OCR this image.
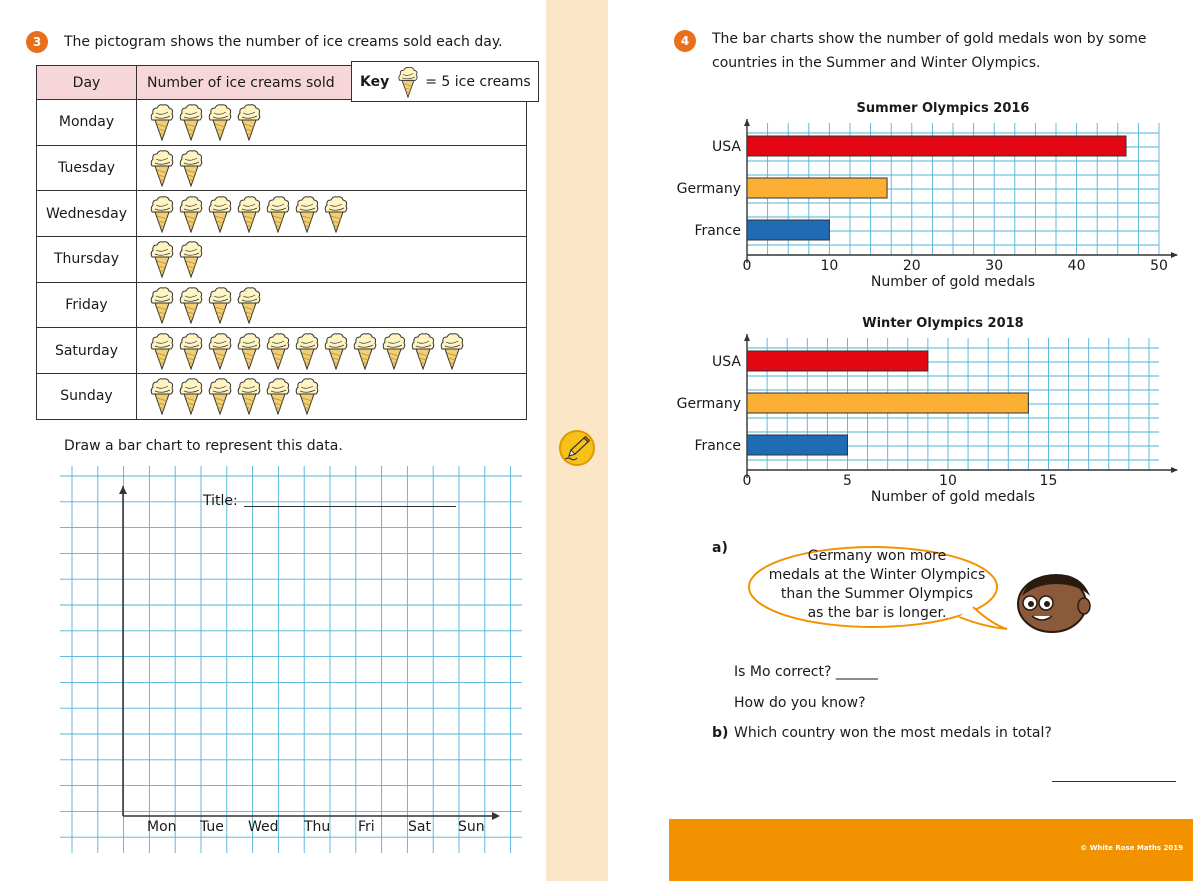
3	The pictogram shows the number of ice creams sold each day.
Day	Number of ice creams sold
Monday	
Tuesday	
Wednesday	
Thursday	
Friday	
Saturday	
Sunday	
Key	= 5 ice creams
Draw a bar chart to represent this data.
Title:
Mon Tue Wed Thu Fri Sat Sun
4	The bar charts show the number of gold medals won by some
countries in the Summer and Winter Olympics.
Summer Olympics 2016
USA
Germany
France
0	10	20	30	40	50
Number of gold medals
Winter Olympics 2018
USA
Germany
France
0	5	10	15
Number of gold medals
a)	Germany won more
medals at the Winter Olympics
than the Summer Olympics
as the bar is longer.
Is Mo correct? ______
How do you know?
b) Which country won the most medals in total?
© White Rose Maths 2019
